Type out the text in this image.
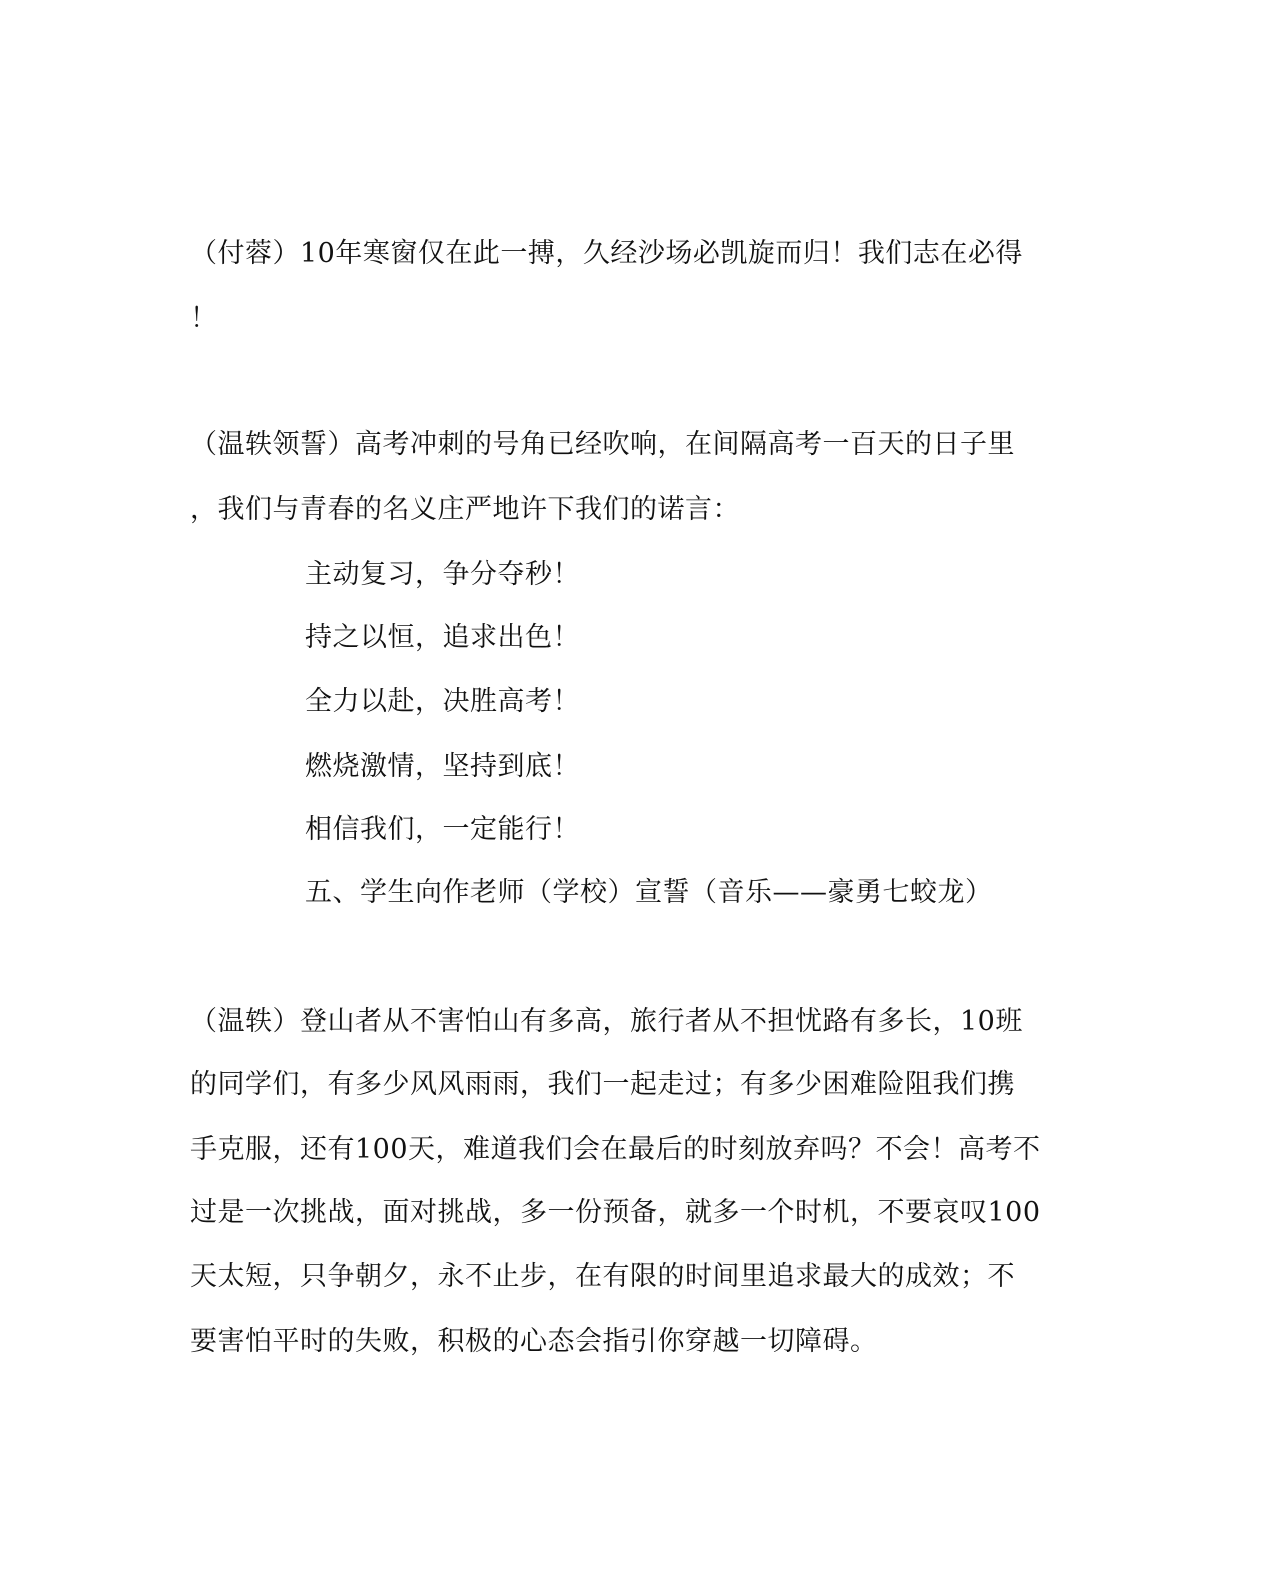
（付蓉）10年寒窗仅在此一搏，久经沙场必凯旋而归！我们志在必得
！
（温轶领誓）高考冲刺的号角已经吹响，在间隔高考一百天的日子里
，我们与青春的名义庄严地许下我们的诺言：
主动复习，争分夺秒！
持之以恒，追求出色！
全力以赴，决胜高考！
燃烧激情，坚持到底！
相信我们，一定能行！
五、学生向作老师（学校）宣誓（音乐——豪勇七蛟龙）
（温轶）登山者从不害怕山有多高，旅行者从不担忧路有多长，10班
的同学们，有多少风风雨雨，我们一起走过；有多少困难险阻我们携
手克服，还有100天，难道我们会在最后的时刻放弃吗？不会！高考不
过是一次挑战，面对挑战，多一份预备，就多一个时机，不要哀叹100
天太短，只争朝夕，永不止步，在有限的时间里追求最大的成效；不
要害怕平时的失败，积极的心态会指引你穿越一切障碍。
